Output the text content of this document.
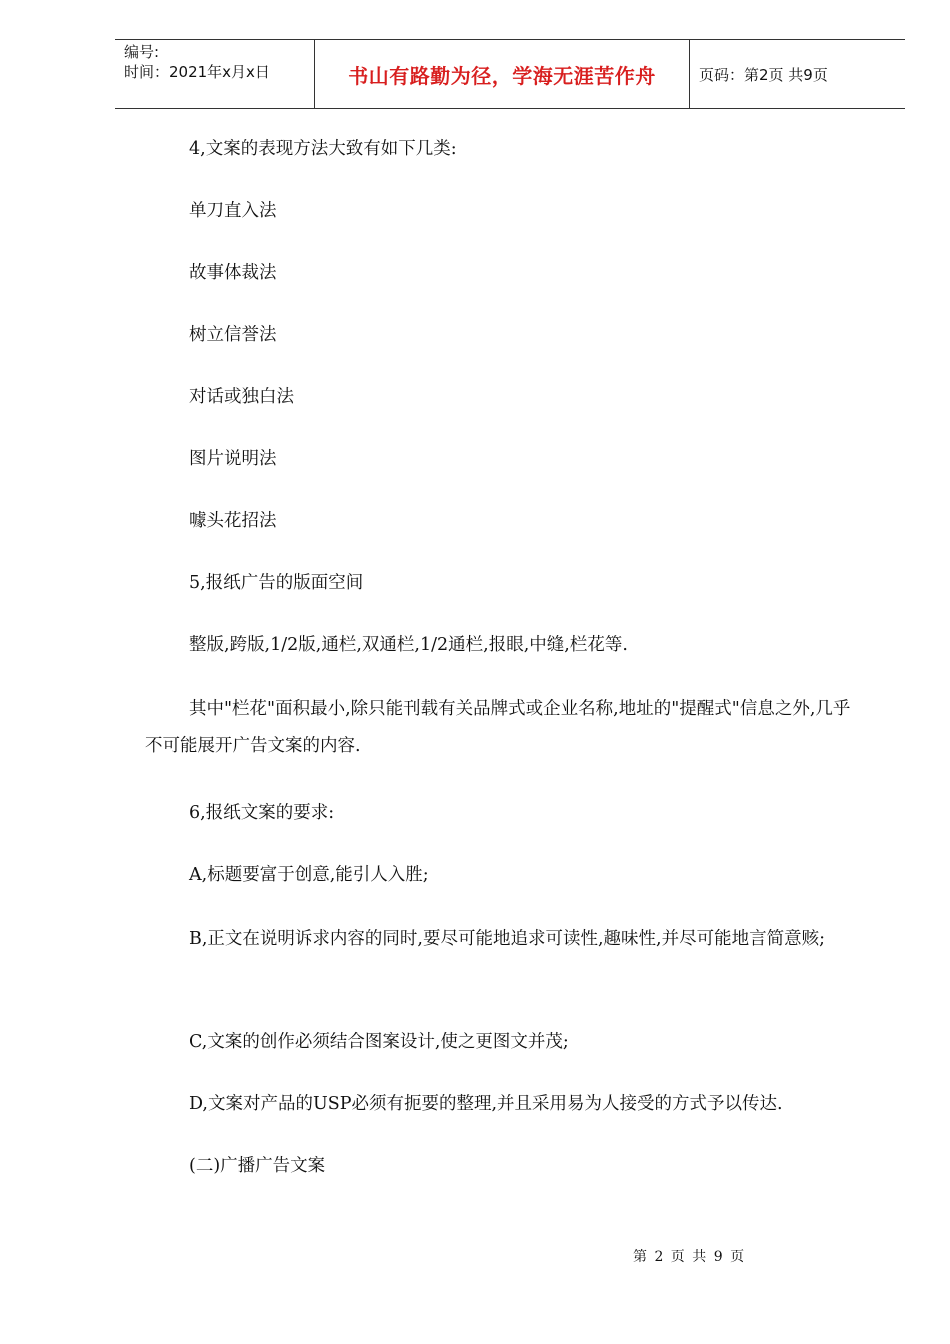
编号:
时间：2021年x月x日	书山有路勤为径，学海无涯苦作舟	页码：第2页 共9页
4,文案的表现方法大致有如下几类:
单刀直入法
故事体裁法
树立信誉法
对话或独白法
图片说明法
噱头花招法
5,报纸广告的版面空间
整版,跨版,1/2版,通栏,双通栏,1/2通栏,报眼,中缝,栏花等.
其中"栏花"面积最小,除只能刊载有关品牌式或企业名称,地址的"提醒式"信息之外,几乎不可能展开广告文案的内容.
6,报纸文案的要求:
A,标题要富于创意,能引人入胜;
B,正文在说明诉求内容的同时,要尽可能地追求可读性,趣味性,并尽可能地言简意赅;
C,文案的创作必须结合图案设计,使之更图文并茂;
D,文案对产品的USP必须有扼要的整理,并且采用易为人接受的方式予以传达.
(二)广播广告文案
第 2 页 共 9 页
